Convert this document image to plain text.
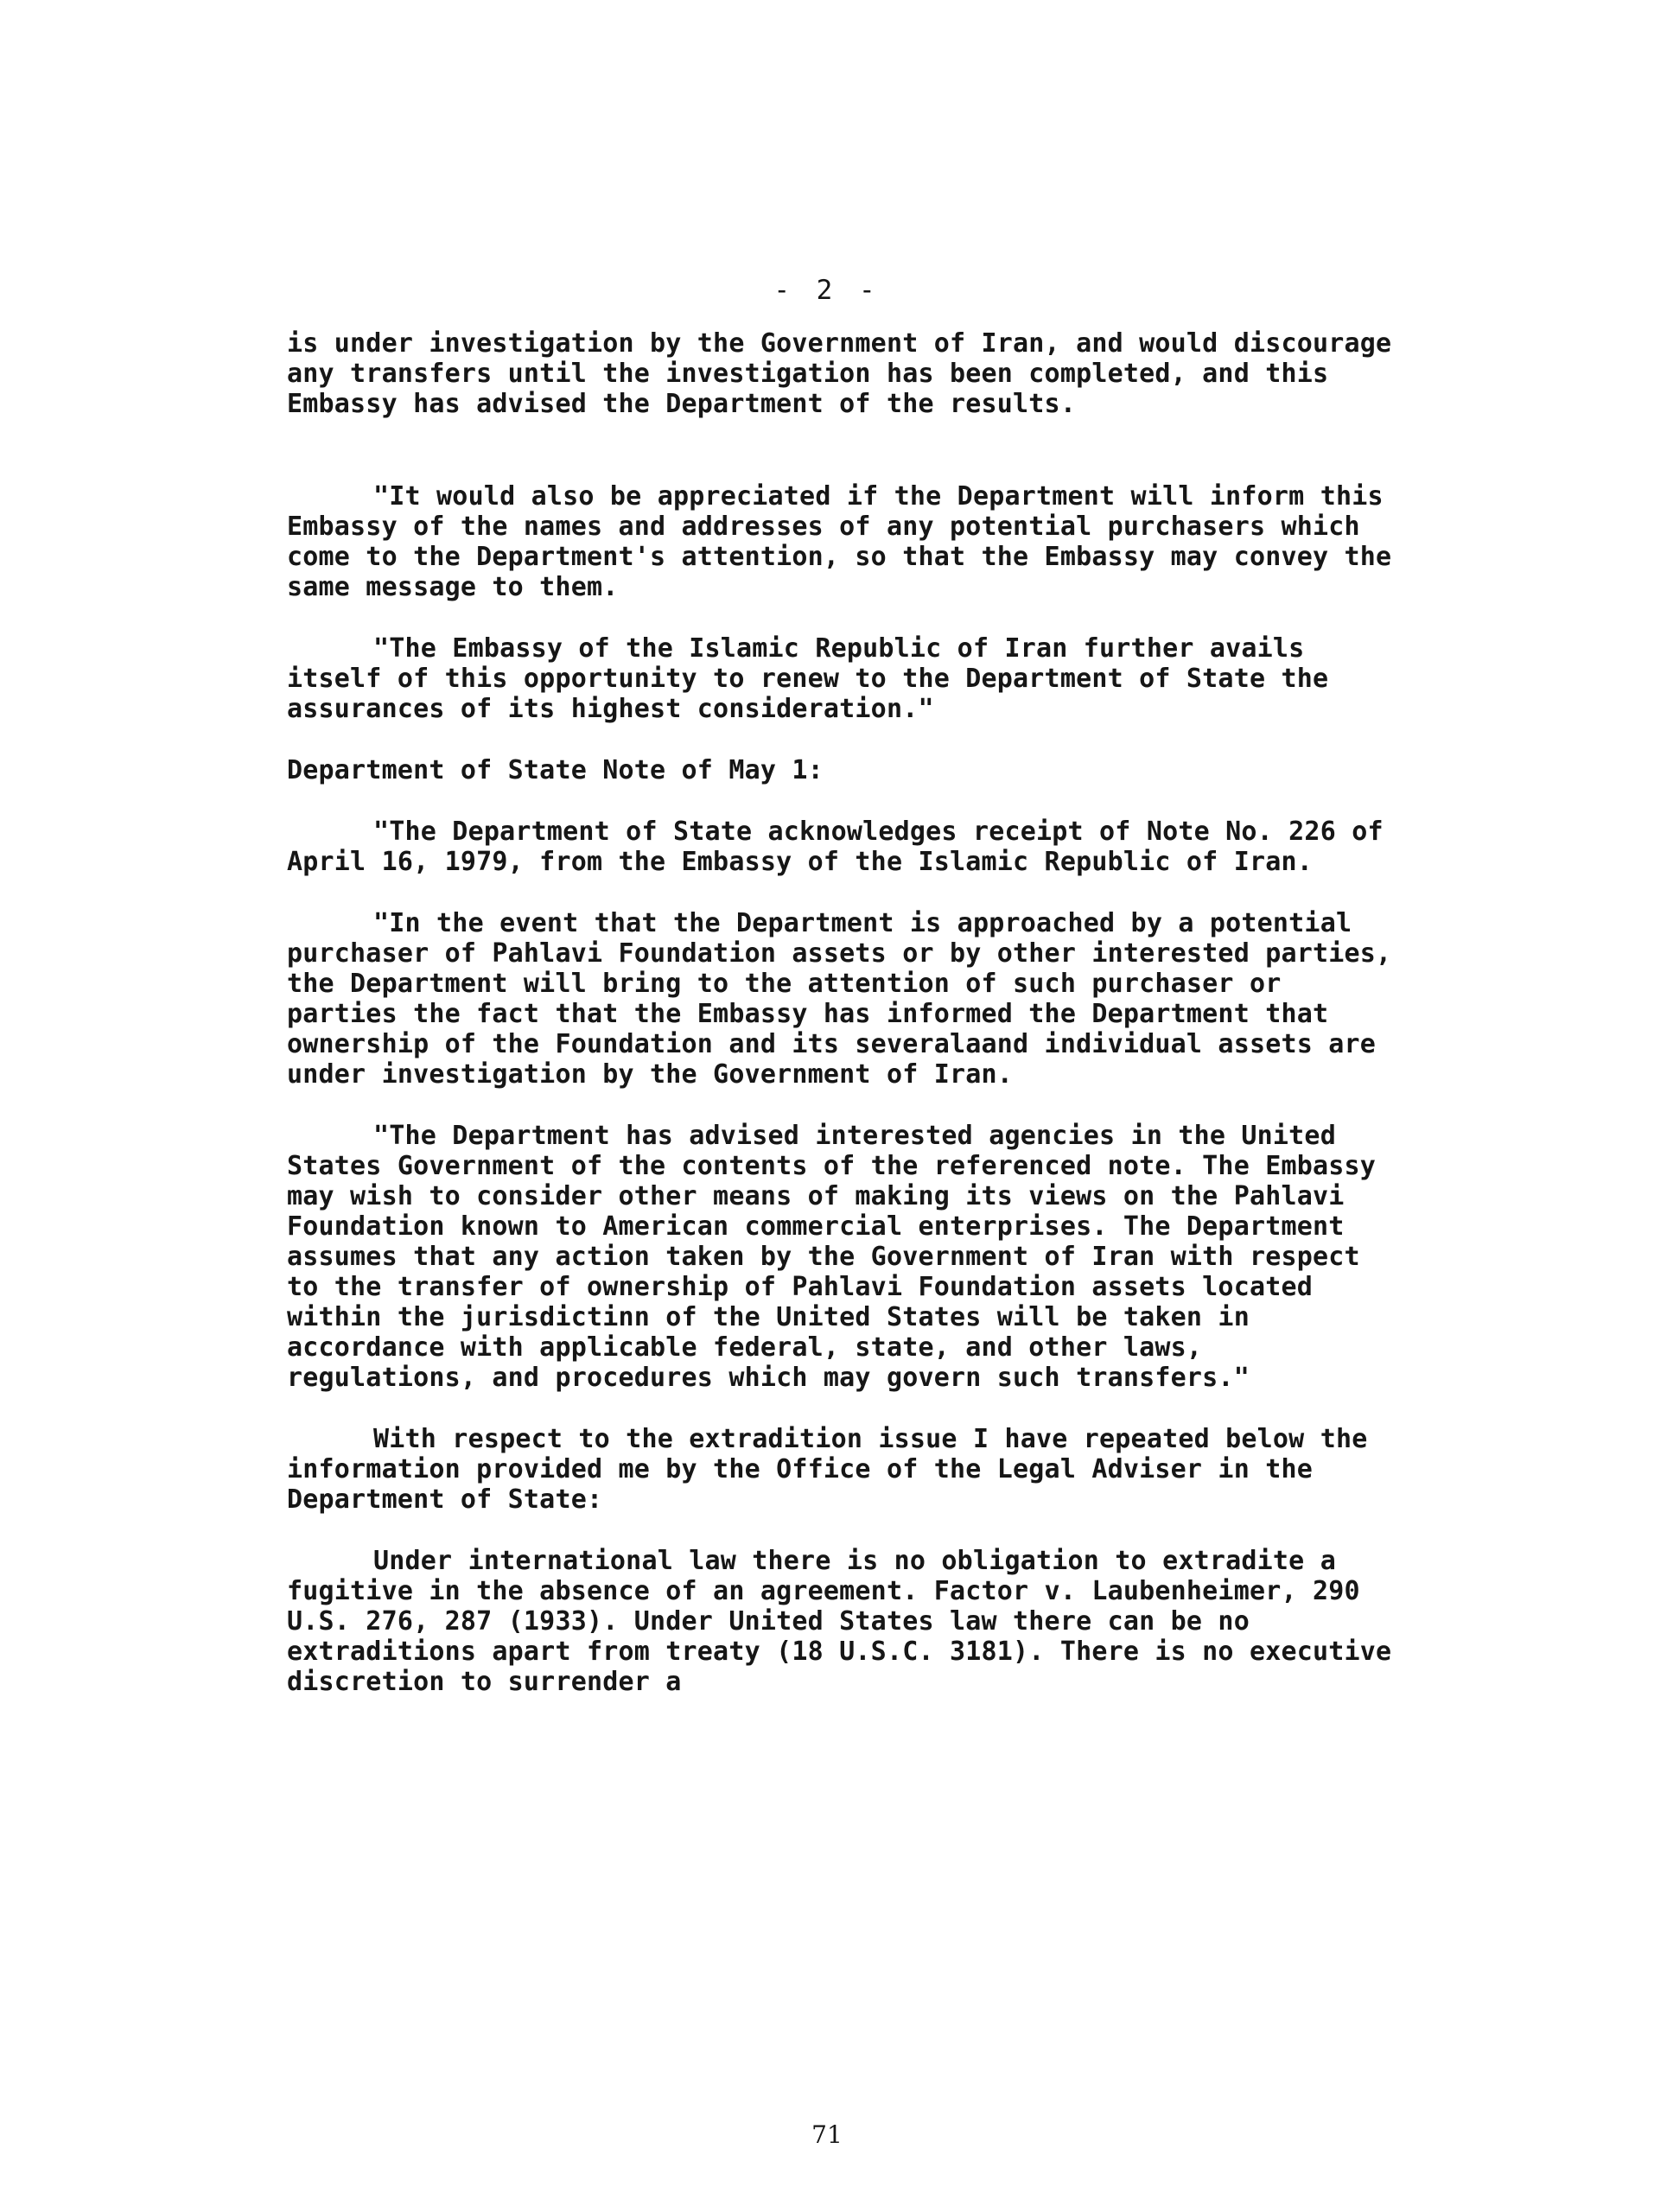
- 2 -

is under investigation by the Government of Iran, and would discourage any transfers until the investigation has been completed, and this Embassy has advised the Department of the results.

"It would also be appreciated if the Department will inform this Embassy of the names and addresses of any potential purchasers which come to the Department's attention, so that the Embassy may convey the same message to them.

"The Embassy of the Islamic Republic of Iran further avails itself of this opportunity to renew to the Department of State the assurances of its highest consideration."

Department of State Note of May 1:

"The Department of State acknowledges receipt of Note No. 226 of April 16, 1979, from the Embassy of the Islamic Republic of Iran.

"In the event that the Department is approached by a potential purchaser of Pahlavi Foundation assets or by other interested parties, the Department will bring to the attention of such purchaser or parties the fact that the Embassy has informed the Department that ownership of the Foundation and its severalaand individual assets are under investigation by the Government of Iran.

"The Department has advised interested agencies in the United States Government of the contents of the referenced note. The Embassy may wish to consider other means of making its views on the Pahlavi Foundation known to American commercial enterprises. The Department assumes that any action taken by the Government of Iran with respect to the transfer of ownership of Pahlavi Foundation assets located within the jurisdictinn of the United States will be taken in accordance with applicable federal, state, and other laws, regulations, and procedures which may govern such transfers."

With respect to the extradition issue I have repeated below the information provided me by the Office of the Legal Adviser in the Department of State:

Under international law there is no obligation to extradite a fugitive in the absence of an agreement. Factor v. Laubenheimer, 290 U.S. 276, 287 (1933). Under United States law there can be no extraditions apart from treaty (18 U.S.C. 3181). There is no executive discretion to surrender a

71
